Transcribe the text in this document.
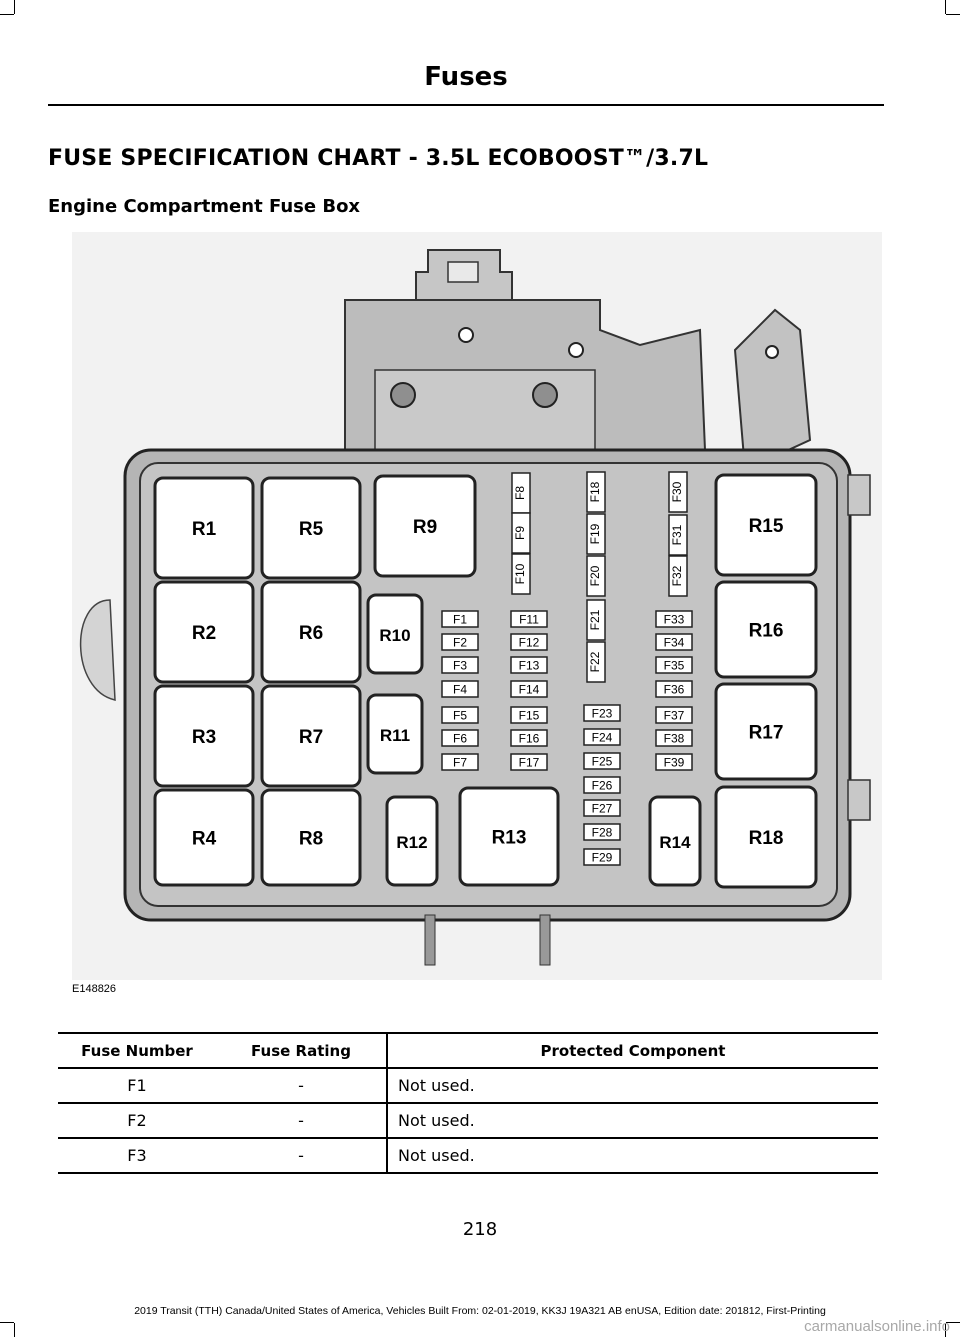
Fuses
FUSE SPECIFICATION CHART - 3.5L ECOBOOST™/3.7L
Engine Compartment Fuse Box
R1
R2
R3
R4
R5
R6
R7
R8
R9
R10
R11
R12	R13	R14
R15
R16
R17
R18
F1
F2
F3
F4
F5
F6
F7
F8
F9
F10
F11
F12
F13
F14
F15
F16
F17
F18
F19
F20
F21
F22
F23
F24
F25
F26
F27
F28
F29
F30
F31
F32
F33
F34
F35
F36
F37
F38
F39
E148826
Fuse Number	Fuse Rating	Protected Component
F1	-	Not used.
F2	-	Not used.
F3	-	Not used.
218
2019 Transit (TTH) Canada/United States of America, Vehicles Built From: 02-01-2019, KK3J 19A321 AB enUSA, Edition date: 201812, First-Printing
carmanualsonline.info
